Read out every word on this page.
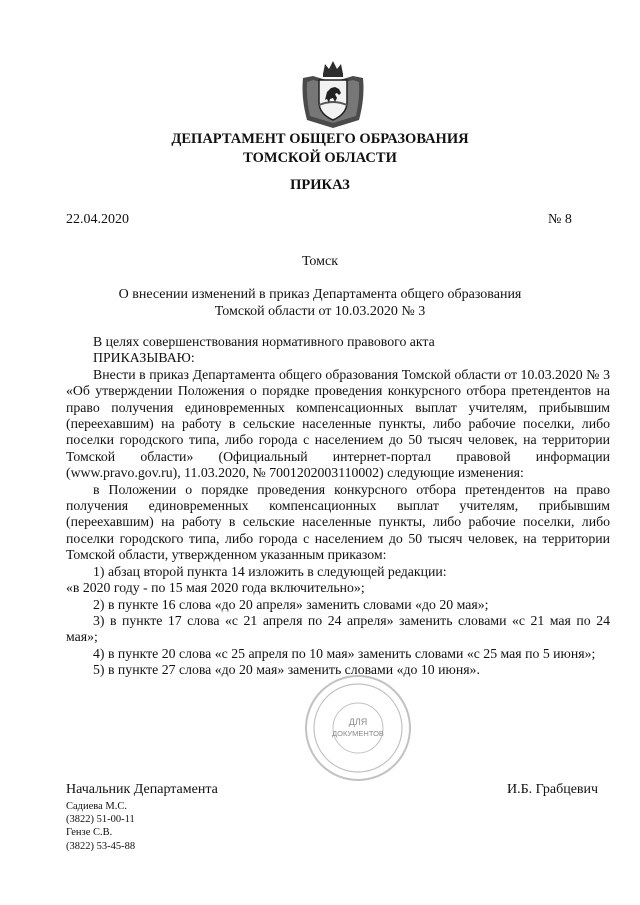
ДЕПАРТАМЕНТ ОБЩЕГО ОБРАЗОВАНИЯ
ТОМСКОЙ ОБЛАСТИ
ПРИКАЗ
22.04.2020	№ 8
Томск
О внесении изменений в приказ Департамента общего образования
Томской области от 10.03.2020 № 3

В целях совершенствования нормативного правового акта

ПРИКАЗЫВАЮ:

Внести в приказ Департамента общего образования Томской области от 10.03.2020 № 3 «Об утверждении Положения о порядке проведения конкурсного отбора претендентов на право получения единовременных компенсационных выплат учителям, прибывшим (переехавшим) на работу в сельские населенные пункты, либо рабочие поселки, либо поселки городского типа, либо города с населением до 50 тысяч человек, на территории Томской области» (Официальный интернет-портал правовой информации (www.pravo.gov.ru), 11.03.2020, № 7001202003110002) следующие изменения:

в Положении о порядке проведения конкурсного отбора претендентов на право получения единовременных компенсационных выплат учителям, прибывшим (переехавшим) на работу в сельские населенные пункты, либо рабочие поселки, либо поселки городского типа, либо города с населением до 50 тысяч человек, на территории Томской области, утвержденном указанным приказом:

1) абзац второй пункта 14 изложить в следующей редакции:

«в 2020 году - по 15 мая 2020 года включительно»;

2) в пункте 16 слова «до 20 апреля» заменить словами «до 20 мая»;

3) в пункте 17 слова «с 21 апреля по 24 апреля» заменить словами «с 21 мая по 24 мая»;

4) в пункте 20 слова «с 25 апреля по 10 мая» заменить словами «с 25 мая по 5 июня»;

5) в пункте 27 слова «до 20 мая» заменить словами «до 10 июня».

ДЛЯ
ДОКУМЕНТОВ
Начальник Департамента	И.Б. Грабцевич
Садиева М.С.
(3822) 51-00-11
Гензе С.В.
(3822) 53-45-88
